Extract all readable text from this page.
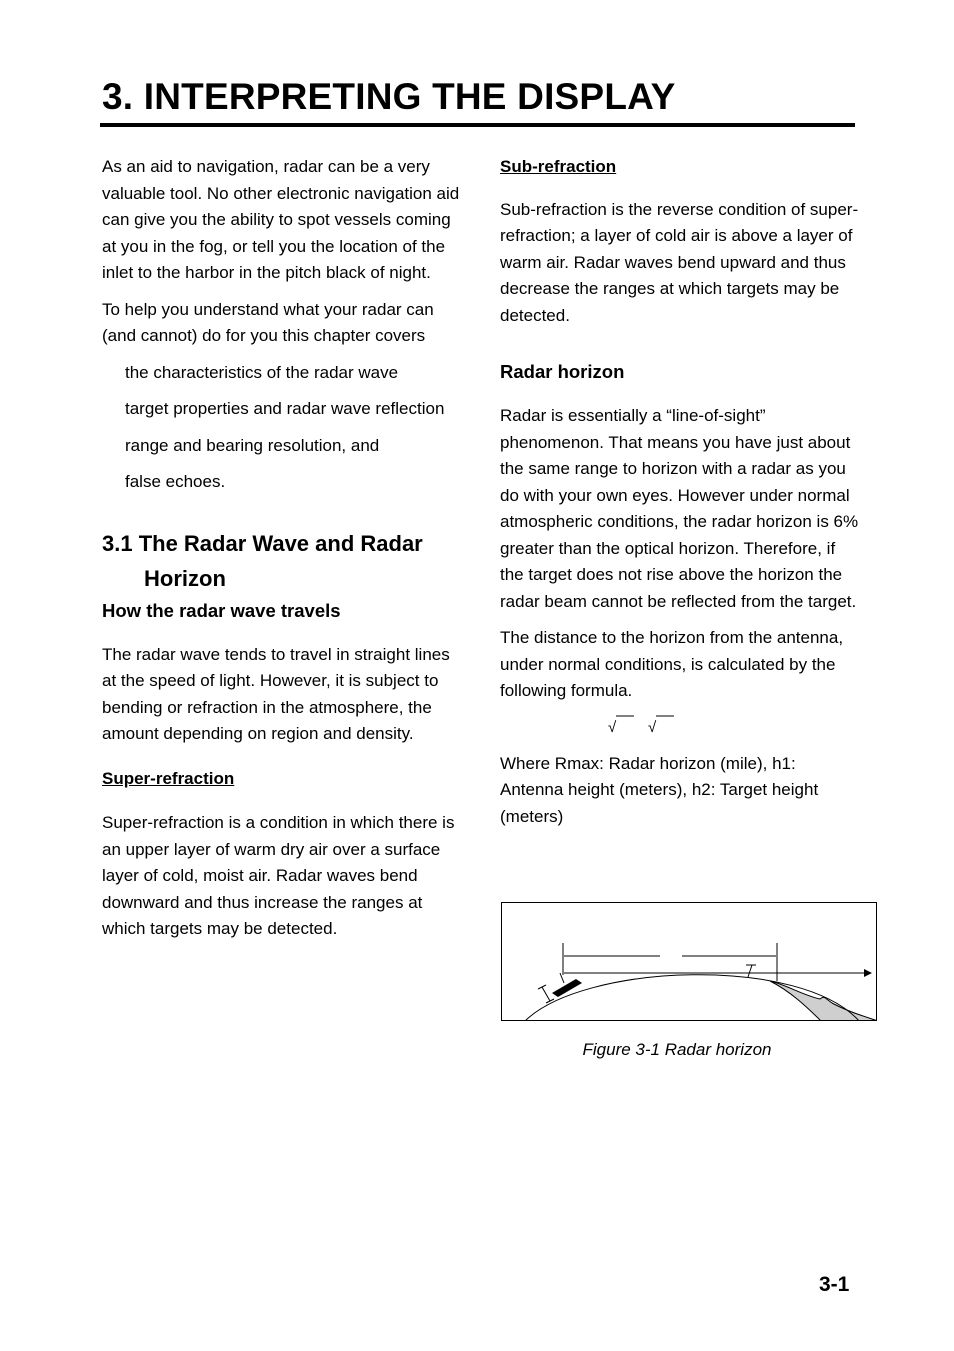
3. INTERPRETING THE DISPLAY

As an aid to navigation, radar can be a very valuable tool. No other electronic navigation aid can give you the ability to spot vessels coming at you in the fog, or tell you the location of the inlet to the harbor in the pitch black of night.

To help you understand what your radar can (and cannot) do for you this chapter covers

the characteristics of the radar wave
target properties and radar wave reflection
range and bearing resolution, and
false echoes.
3.1 The Radar Wave and Radar
Horizon
How the radar wave travels

The radar wave tends to travel in straight lines at the speed of light. However, it is subject to bending or refraction in the atmosphere, the amount depending on region and density.

Super-refraction

Super-refraction is a condition in which there is an upper layer of warm dry air over a surface layer of cold, moist air. Radar waves bend downward and thus increase the ranges at which targets may be detected.

Sub-refraction

Sub-refraction is the reverse condition of super-refraction; a layer of cold air is above a layer of warm air. Radar waves bend upward and thus decrease the ranges at which targets may be detected.

Radar horizon

Radar is essentially a “line-of-sight” phenomenon. That means you have just about the same range to horizon with a radar as you do with your own eyes. However under normal atmospheric conditions, the radar horizon is 6% greater than the optical horizon. Therefore, if the target does not rise above the horizon the radar beam cannot be reflected from the target.

The distance to the horizon from the antenna, under normal conditions, is calculated by the following formula.

√ √

Where Rmax: Radar horizon (mile), h1: Antenna height (meters), h2: Target height (meters)

Figure 3-1 Radar horizon

3-1
